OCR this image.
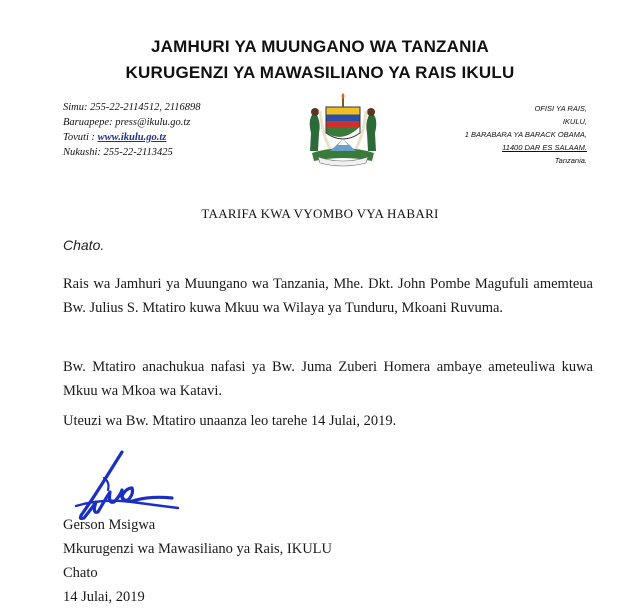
JAMHURI YA MUUNGANO WA TANZANIA
KURUGENZI YA MAWASILIANO YA RAIS IKULU
Simu: 255-22-2114512, 2116898
Baruapepe: press@ikulu.go.tz
Tovuti : www.ikulu.go.tz
Nukushi: 255-22-2113425
OFISI YA RAIS,
IKULU,
1 BARABARA YA BARACK OBAMA,
11400 DAR ES SALAAM.
Tanzania.
TAARIFA KWA VYOMBO VYA HABARI
Chato.
Rais wa Jamhuri ya Muungano wa Tanzania, Mhe. Dkt. John Pombe Magufuli amemteua Bw. Julius S. Mtatiro kuwa Mkuu wa Wilaya ya Tunduru, Mkoani Ruvuma.
Bw. Mtatiro anachukua nafasi ya Bw. Juma Zuberi Homera ambaye ameteuliwa kuwa Mkuu wa Mkoa wa Katavi.
Uteuzi wa Bw. Mtatiro unaanza leo tarehe 14 Julai, 2019.
Gerson Msigwa
Mkurugenzi wa Mawasiliano ya Rais, IKULU
Chato
14 Julai, 2019
